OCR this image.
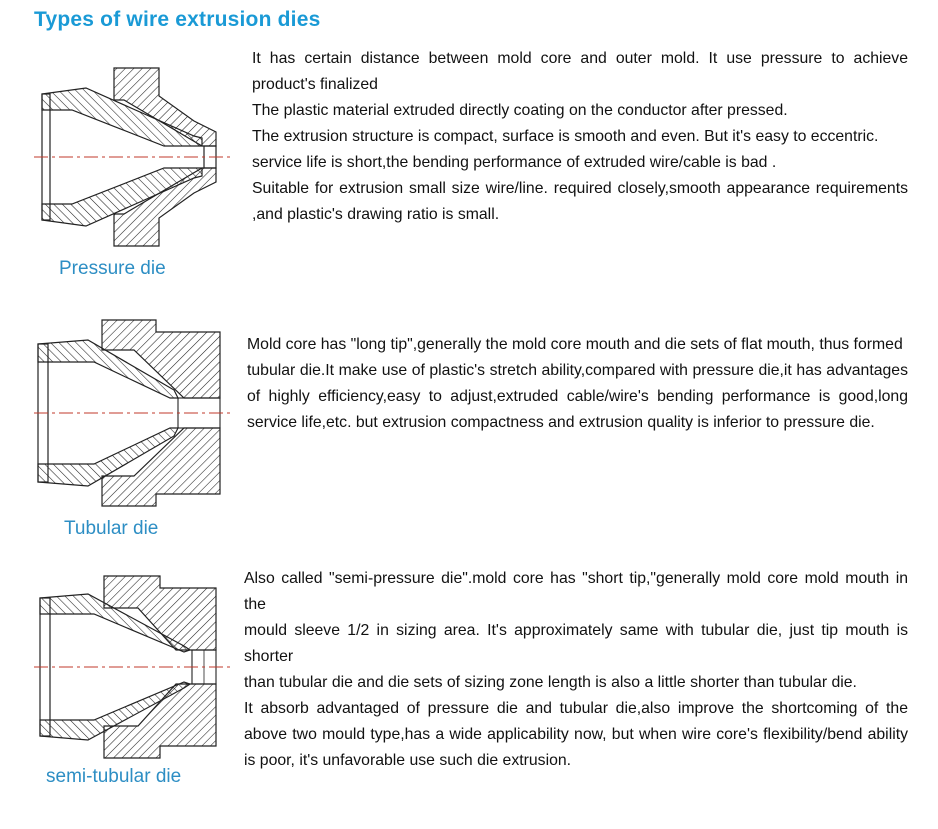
Types of wire extrusion dies
Pressure die

It has certain distance between mold core and outer mold. It use pressure to achieve product's finalized

The plastic material extruded directly coating on the conductor after pressed.

The extrusion structure is compact, surface is smooth and even. But it's easy to eccentric.

service life is short,the bending performance of extruded wire/cable is bad .

Suitable for extrusion small size wire/line. required closely,smooth appearance requirements ,and plastic's drawing ratio is small.

Tubular die

Mold core has "long tip",generally the mold core mouth and die sets of flat mouth, thus formed

tubular die.It make use of plastic's stretch ability,compared with pressure die,it has advantages of highly efficiency,easy to adjust,extruded cable/wire's bending performance is good,long service life,etc. but extrusion compactness and extrusion quality is inferior to pressure die.

semi-tubular die

Also called "semi-pressure die".mold core has "short tip,"generally mold core mold mouth in the

mould sleeve 1/2 in sizing area. It's approximately same with tubular die, just tip mouth is shorter

than tubular die and die sets of sizing zone length is also a little shorter than tubular die.

It absorb advantaged of pressure die and tubular die,also improve the shortcoming of the above two mould type,has a wide applicability now, but when wire core's flexibility/bend ability is poor, it's unfavorable use such die extrusion.
